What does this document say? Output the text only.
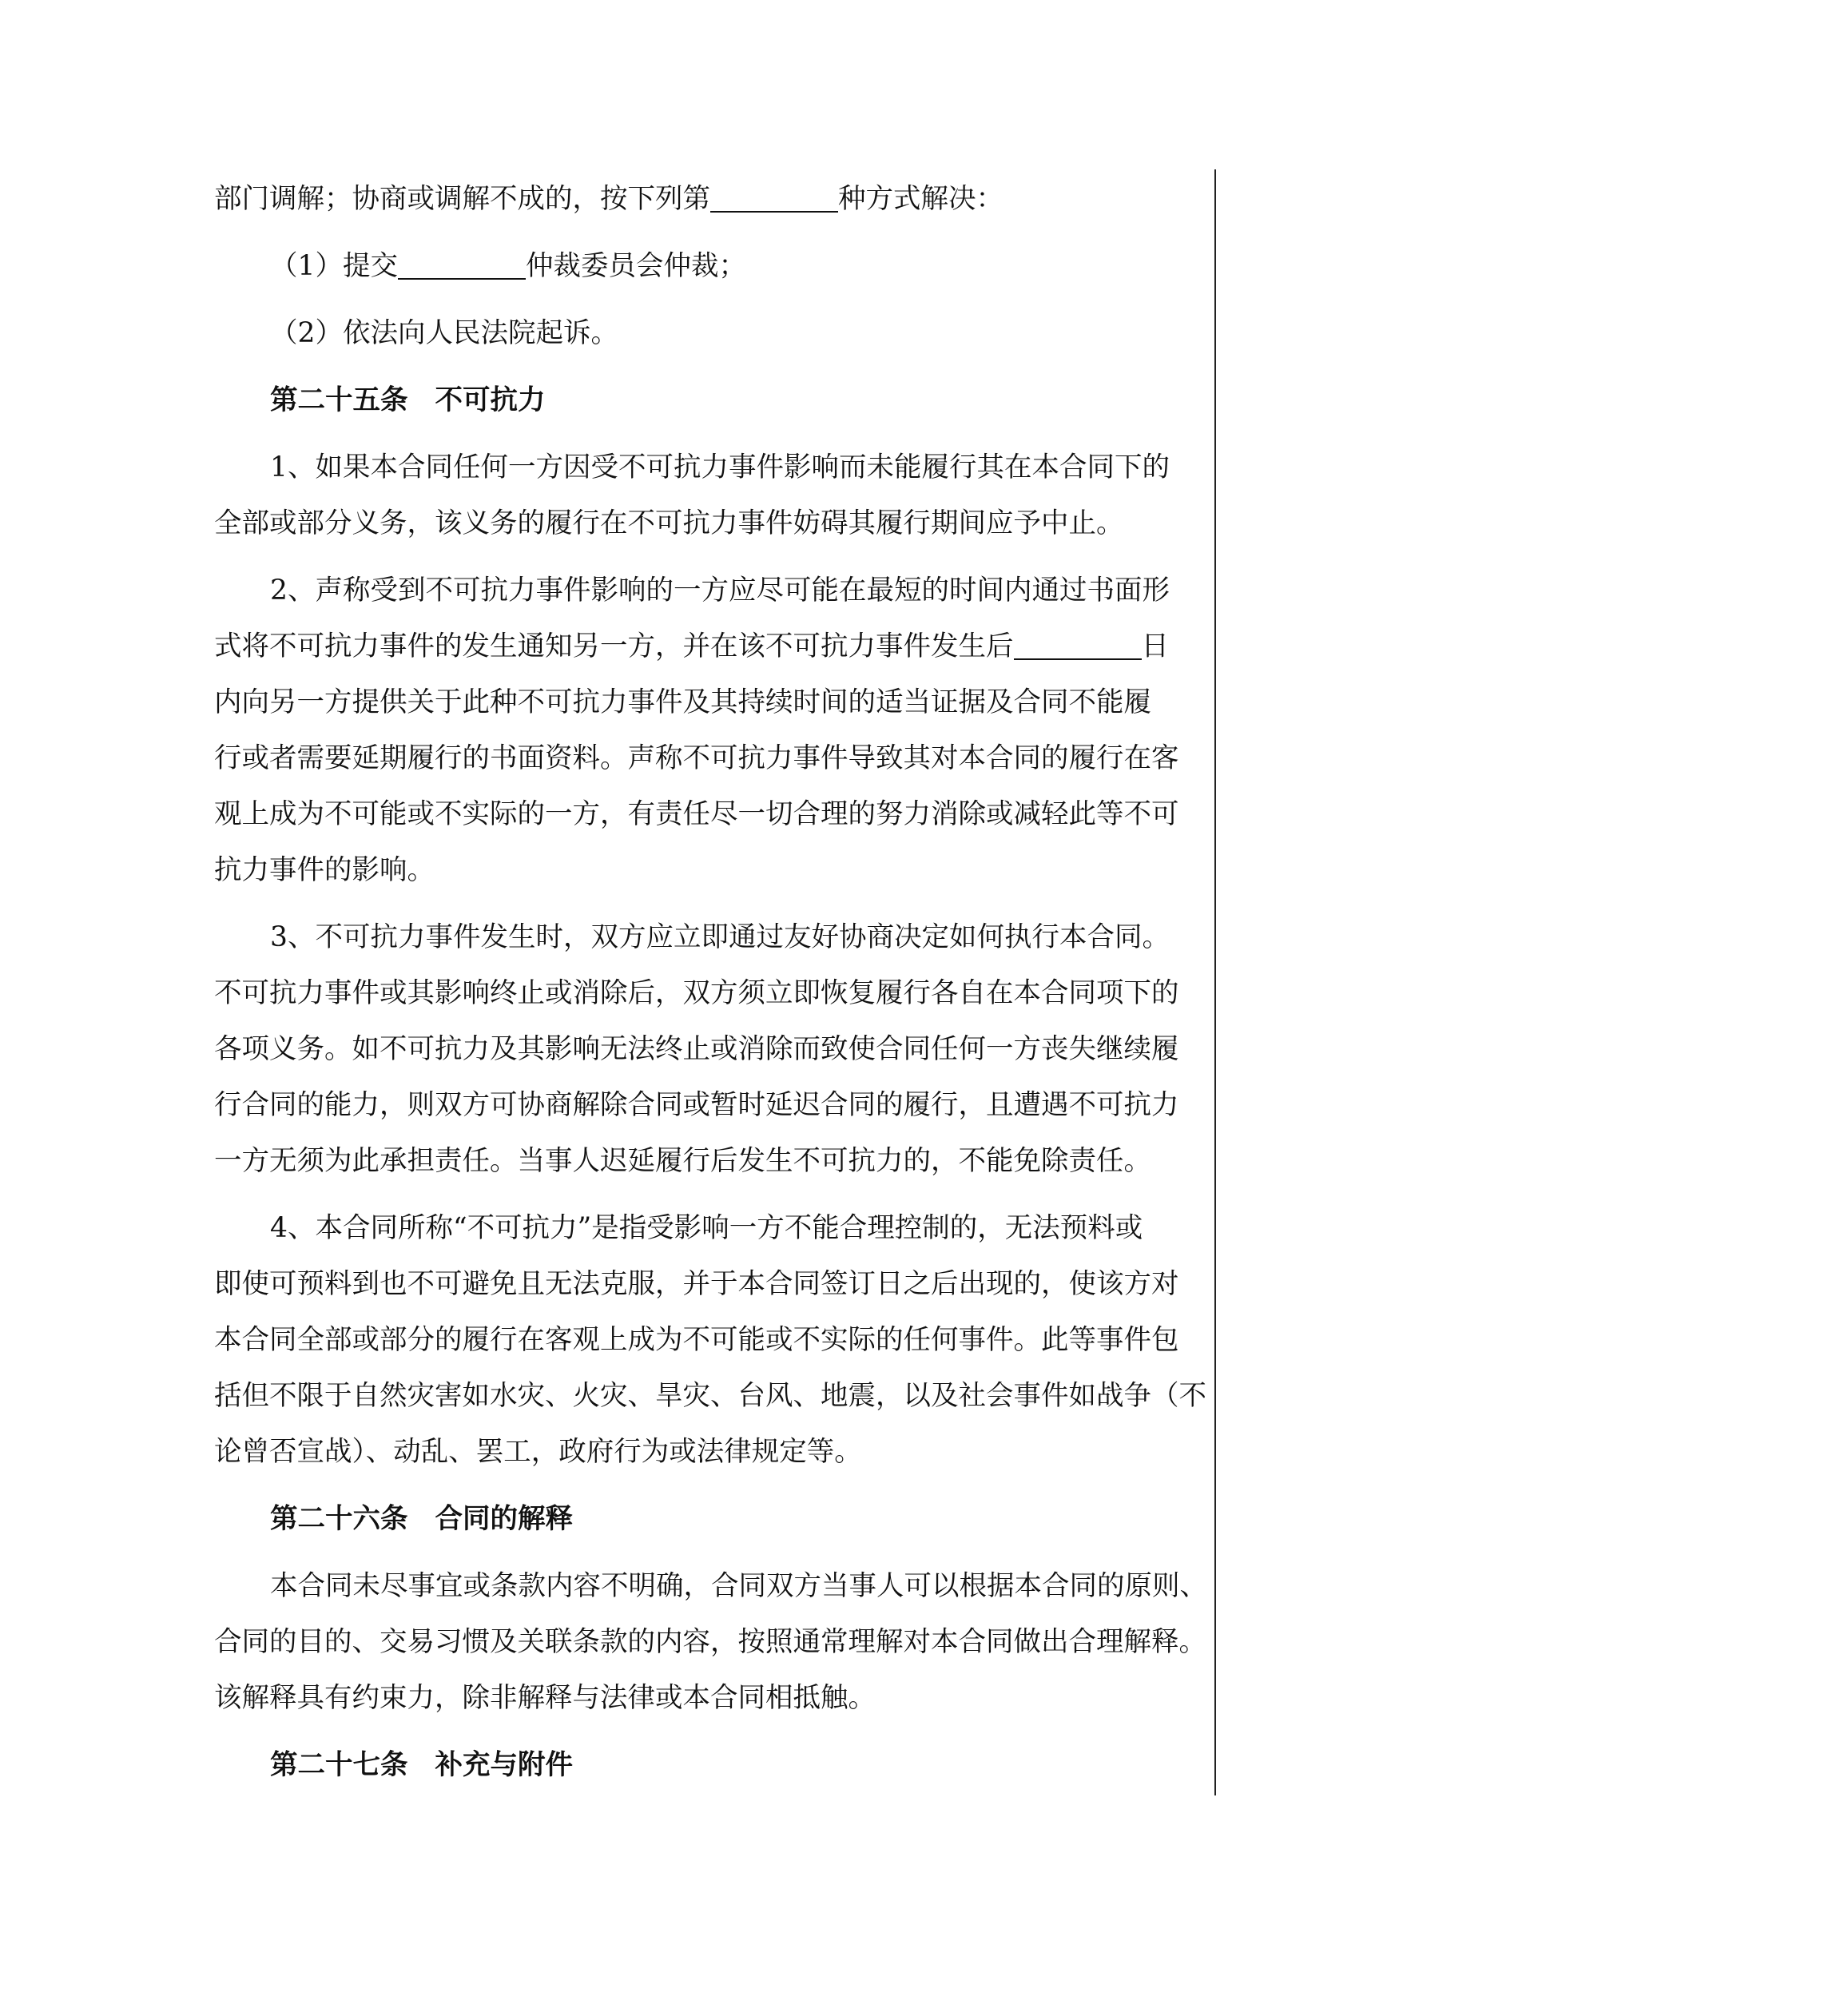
部门调解；协商或调解不成的，按下列第	种方式解决：
（1）提交	仲裁委员会仲裁；
（2）依法向人民法院起诉。
第二十五条 不可抗力
1、如果本合同任何一方因受不可抗力事件影响而未能履行其在本合同下的
全部或部分义务，该义务的履行在不可抗力事件妨碍其履行期间应予中止。
2、声称受到不可抗力事件影响的一方应尽可能在最短的时间内通过书面形
式将不可抗力事件的发生通知另一方，并在该不可抗力事件发生后	日
内向另一方提供关于此种不可抗力事件及其持续时间的适当证据及合同不能履
行或者需要延期履行的书面资料。声称不可抗力事件导致其对本合同的履行在客
观上成为不可能或不实际的一方，有责任尽一切合理的努力消除或减轻此等不可
抗力事件的影响。
3、不可抗力事件发生时，双方应立即通过友好协商决定如何执行本合同。
不可抗力事件或其影响终止或消除后，双方须立即恢复履行各自在本合同项下的
各项义务。如不可抗力及其影响无法终止或消除而致使合同任何一方丧失继续履
行合同的能力，则双方可协商解除合同或暂时延迟合同的履行，且遭遇不可抗力
一方无须为此承担责任。当事人迟延履行后发生不可抗力的，不能免除责任。
4、本合同所称“不可抗力”是指受影响一方不能合理控制的，无法预料或
即使可预料到也不可避免且无法克服，并于本合同签订日之后出现的，使该方对
本合同全部或部分的履行在客观上成为不可能或不实际的任何事件。此等事件包
括但不限于自然灾害如水灾、火灾、旱灾、台风、地震，以及社会事件如战争（不
论曾否宣战）、动乱、罢工，政府行为或法律规定等。
第二十六条 合同的解释
本合同未尽事宜或条款内容不明确，合同双方当事人可以根据本合同的原则、
合同的目的、交易习惯及关联条款的内容，按照通常理解对本合同做出合理解释。
该解释具有约束力，除非解释与法律或本合同相抵触。
第二十七条 补充与附件
